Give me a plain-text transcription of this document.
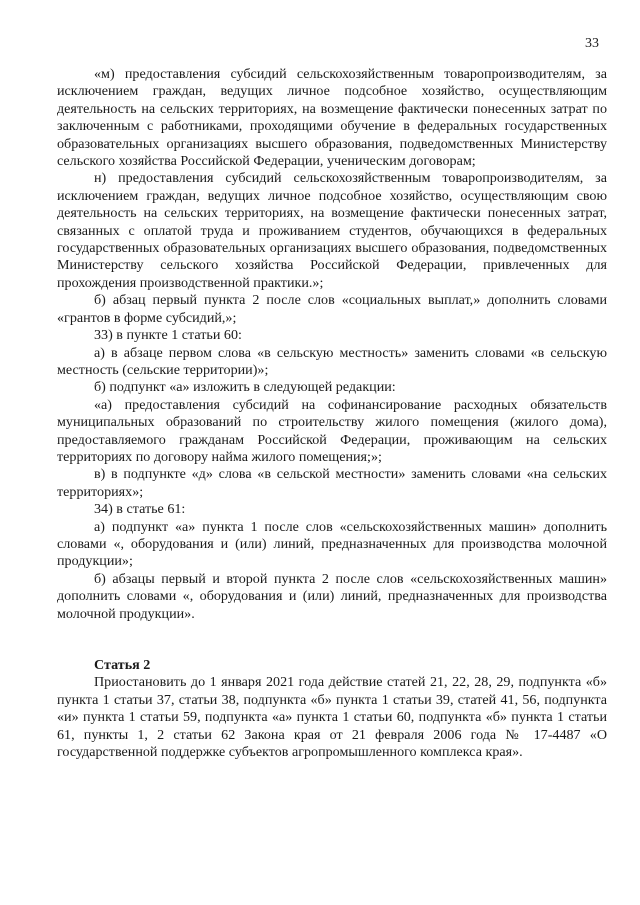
33
«м) предоставления субсидий сельскохозяйственным товаропроизводителям, за исключением граждан, ведущих личное подсобное хозяйство, осуществляющим деятельность на сельских территориях, на возмещение фактически понесенных затрат по заключенным с работниками, проходящими обучение в федеральных государственных образовательных организациях высшего образования, подведомственных Министерству сельского хозяйства Российской Федерации, ученическим договорам;
н) предоставления субсидий сельскохозяйственным товаропроизводителям, за исключением граждан, ведущих личное подсобное хозяйство, осуществляющим свою деятельность на сельских территориях, на возмещение фактически понесенных затрат, связанных с оплатой труда и проживанием студентов, обучающихся в федеральных государственных образовательных организациях высшего образования, подведомственных Министерству сельского хозяйства Российской Федерации, привлеченных для прохождения производственной практики.»;
б) абзац первый пункта 2 после слов «социальных выплат,» дополнить словами «грантов в форме субсидий,»;
33) в пункте 1 статьи 60:
а) в абзаце первом слова «в сельскую местность» заменить словами «в сельскую местность (сельские территории)»;
б) подпункт «а» изложить в следующей редакции:
«а) предоставления субсидий на софинансирование расходных обязательств муниципальных образований по строительству жилого помещения (жилого дома), предоставляемого гражданам Российской Федерации, проживающим на сельских территориях по договору найма жилого помещения;»;
в) в подпункте «д» слова «в сельской местности» заменить словами «на сельских территориях»;
34) в статье 61:
а) подпункт «а» пункта 1 после слов «сельскохозяйственных машин» дополнить словами «, оборудования и (или) линий, предназначенных для производства молочной продукции»;
б) абзацы первый и второй пункта 2 после слов «сельскохозяйственных машин» дополнить словами «, оборудования и (или) линий, предназначенных для производства молочной продукции».
Статья 2
Приостановить до 1 января 2021 года действие статей 21, 22, 28, 29, подпункта «б» пункта 1 статьи 37, статьи 38, подпункта «б» пункта 1 статьи 39, статей 41, 56, подпункта «и» пункта 1 статьи 59, подпункта «а» пункта 1 статьи 60, подпункта «б» пункта 1 статьи 61, пункты 1, 2 статьи 62 Закона края от 21 февраля 2006 года № 17-4487 «О государственной поддержке субъектов агропромышленного комплекса края».
